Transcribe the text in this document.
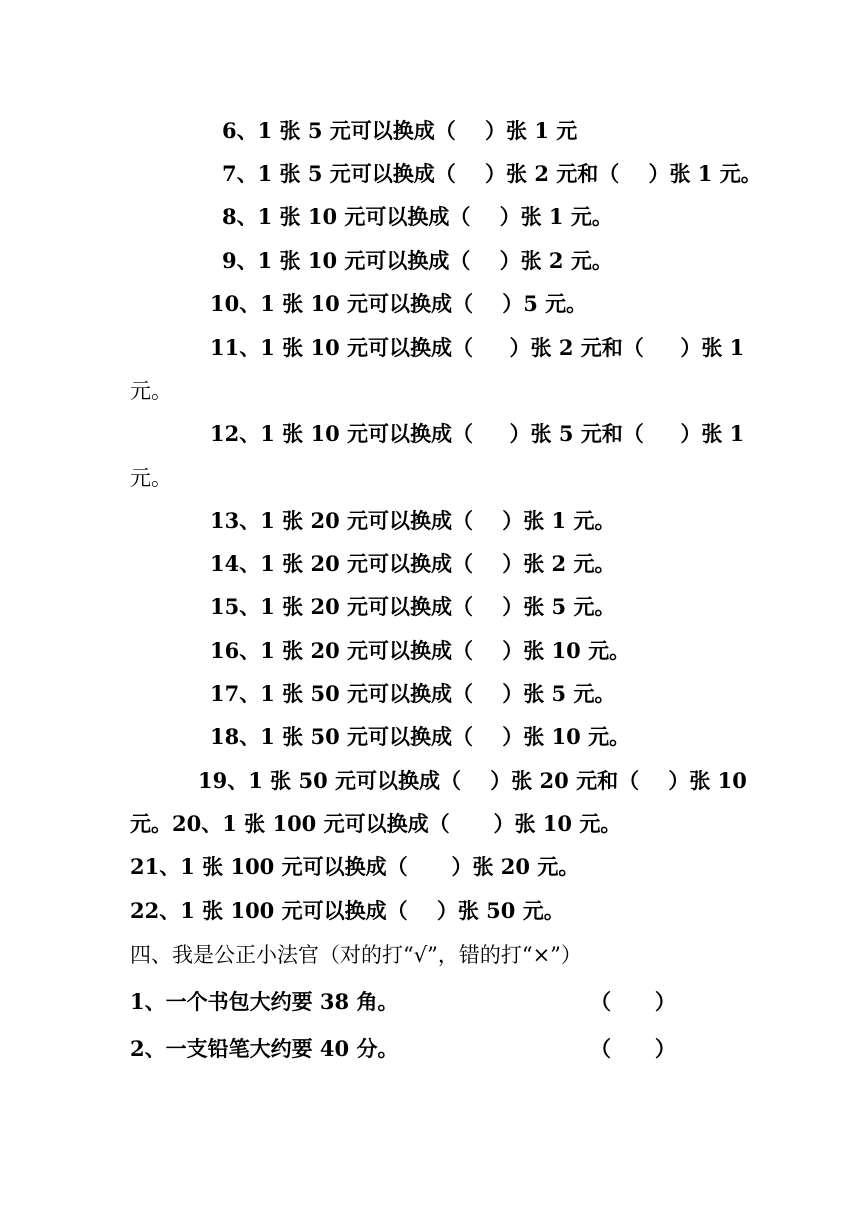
6、1 张 5 元可以换成（    ）张 1 元

7、1 张 5 元可以换成（    ）张 2 元和（    ）张 1 元。

8、1 张 10 元可以换成（    ）张 1 元。

9、1 张 10 元可以换成（    ）张 2 元。

10、1 张 10 元可以换成（    ）5 元。

11、1 张 10 元可以换成（     ）张 2 元和（     ）张 1

元。

12、1 张 10 元可以换成（     ）张 5 元和（     ）张 1

元。

13、1 张 20 元可以换成（    ）张 1 元。

14、1 张 20 元可以换成（    ）张 2 元。

15、1 张 20 元可以换成（    ）张 5 元。

16、1 张 20 元可以换成（    ）张 10 元。

17、1 张 50 元可以换成（    ）张 5 元。

18、1 张 50 元可以换成（    ）张 10 元。

19、1 张 50 元可以换成（    ）张 20 元和（    ）张 10

元。20、1 张 100 元可以换成（      ）张 10 元。

21、1 张 100 元可以换成（      ）张 20 元。

22、1 张 100 元可以换成（    ）张 50 元。

四、我是公正小法官（对的打“√”，错的打“×”）

1、一个书包大约要 38 角。	（      ）

2、一支铅笔大约要 40 分。	（      ）
